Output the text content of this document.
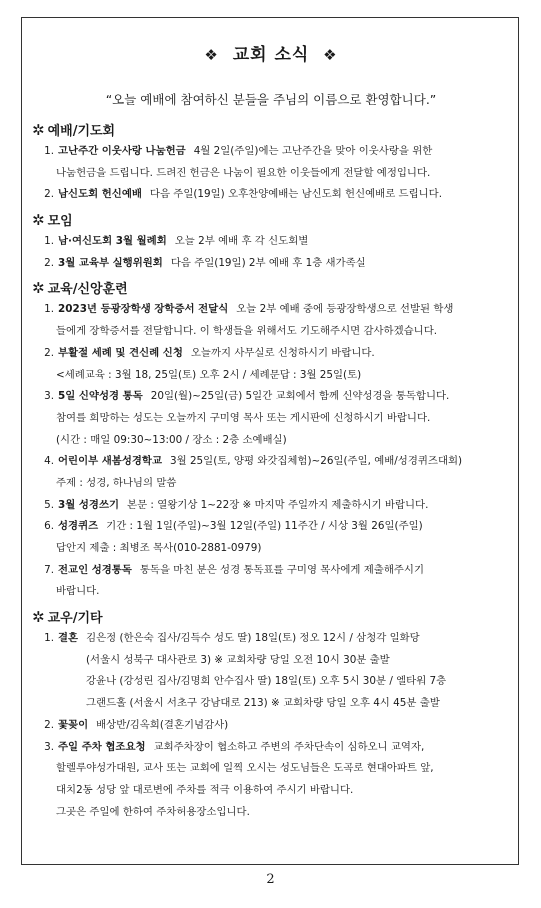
❖ 교회 소식 ❖
“오늘 예배에 참여하신 분들을 주님의 이름으로 환영합니다.”
✲ 예배/기도회
1. 고난주간 이웃사랑 나눔헌금 4월 2일(주일)에는 고난주간을 맞아 이웃사랑을 위한
나눔헌금을 드립니다. 드려진 헌금은 나눔이 필요한 이웃들에게 전달할 예정입니다.
2. 남신도회 헌신예배 다음 주일(19일) 오후찬양예배는 남신도회 헌신예배로 드립니다.
✲ 모임
1. 남·여신도회 3월 월례회 오늘 2부 예배 후 각 신도회별
2. 3월 교육부 실행위원회 다음 주일(19일) 2부 예배 후 1층 새가족실
✲ 교육/신앙훈련
1. 2023년 등광장학생 장학증서 전달식 오늘 2부 예배 중에 등광장학생으로 선발된 학생
들에게 장학증서를 전달합니다. 이 학생들을 위해서도 기도해주시면 감사하겠습니다.
2. 부활절 세례 및 견신례 신청 오늘까지 사무실로 신청하시기 바랍니다.
<세례교육 : 3월 18, 25일(토) 오후 2시 / 세례문답 : 3월 25일(토)
3. 5일 신약성경 통독 20일(월)~25일(금) 5일간 교회에서 함께 신약성경을 통독합니다.
참여를 희망하는 성도는 오늘까지 구미영 목사 또는 게시판에 신청하시기 바랍니다.
(시간 : 매일 09:30~13:00 / 장소 : 2층 소예배실)
4. 어린이부 새봄성경학교 3월 25일(토, 양평 와갓집체험)~26일(주일, 예배/성경퀴즈대회)
주제 : 성경, 하나님의 말씀
5. 3월 성경쓰기 본문 : 열왕기상 1~22장 ※ 마지막 주일까지 제출하시기 바랍니다.
6. 성경퀴즈 기간 : 1월 1일(주일)~3월 12일(주일) 11주간 / 시상 3월 26일(주일)
답안지 제출 : 최병조 목사(010-2881-0979)
7. 전교인 성경통독 통독을 마친 분은 성경 통독표를 구미영 목사에게 제출해주시기
바랍니다.
✲ 교우/기타
1. 결혼 김은정 (한은숙 집사/김득수 성도 딸) 18일(토) 정오 12시 / 삼청각 일화당
(서울시 성북구 대사관로 3) ※ 교회차량 당일 오전 10시 30분 출발
강윤나 (강성린 집사/김명희 안수집사 딸) 18일(토) 오후 5시 30분 / 엘타워 7층
그랜드홀 (서울시 서초구 강남대로 213) ※ 교회차량 당일 오후 4시 45분 출발
2. 꽃꽂이 배상반/김옥희(결혼기념감사)
3. 주일 주차 협조요청 교회주차장이 협소하고 주변의 주차단속이 심하오니 교역자,
할렐루야성가대원, 교사 또는 교회에 일찍 오시는 성도님들은 도곡로 현대아파트 앞,
대치2동 성당 앞 대로변에 주차를 적극 이용하여 주시기 바랍니다.
그곳은 주일에 한하여 주차허용장소입니다.
2
